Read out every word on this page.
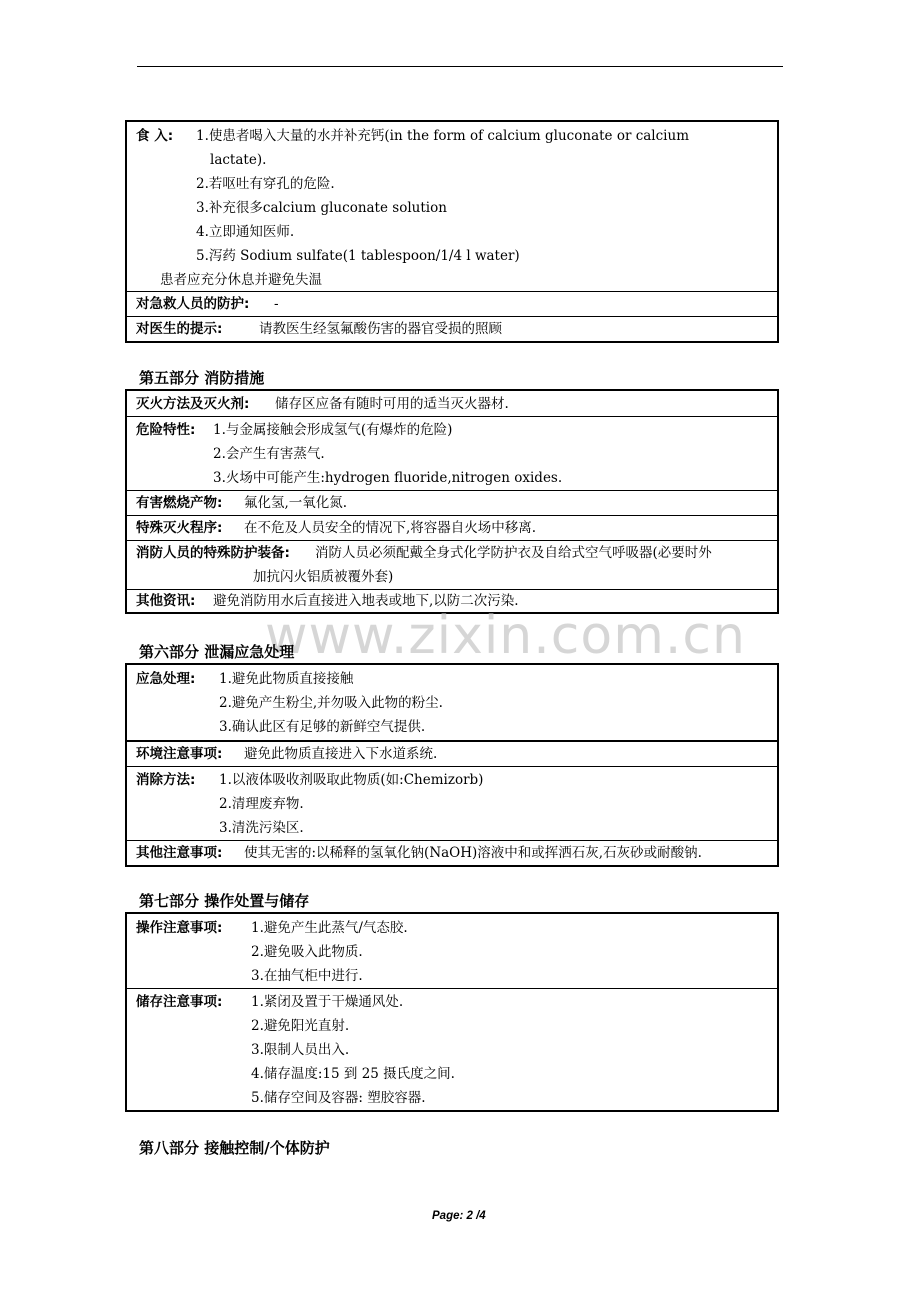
食 入: 1.使患者喝入大量的水并补充钙(in the form of calcium gluconate or calcium
lactate).
2.若呕吐有穿孔的危险.
3.补充很多calcium gluconate solution
4.立即通知医师.
5.泻药 Sodium sulfate(1 tablespoon/1/4 l water)
患者应充分休息并避免失温
对急救人员的防护: -
对医生的提示:	请教医生经氢氟酸伤害的器官受损的照顾
第五部分 消防措施
灭火方法及灭火剂: 储存区应备有随时可用的适当灭火器材.
危险特性: 1.与金属接触会形成氢气(有爆炸的危险)
2.会产生有害蒸气.
3.火场中可能产生:hydrogen fluoride,nitrogen oxides.
有害燃烧产物: 氟化氢,一氧化氮.
特殊灭火程序: 在不危及人员安全的情况下,将容器自火场中移离.
消防人员的特殊防护装备: 消防人员必须配戴全身式化学防护衣及自给式空气呼吸器(必要时外
加抗闪火铝质被覆外套)
其他资讯: 避免消防用水后直接进入地表或地下,以防二次污染.
www.zixin.com.cn
第六部分 泄漏应急处理
应急处理: 1.避免此物质直接接触
2.避免产生粉尘,并勿吸入此物的粉尘.
3.确认此区有足够的新鲜空气提供.
环境注意事项: 避免此物质直接进入下水道系统.
消除方法: 1.以液体吸收剂吸取此物质(如:Chemizorb)
2.清理废弃物.
3.清洗污染区.
其他注意事项: 使其无害的:以稀释的氢氧化钠(NaOH)溶液中和或挥洒石灰,石灰砂或耐酸钠.
第七部分 操作处置与储存
操作注意事项: 1.避免产生此蒸气/气态胶.
2.避免吸入此物质.
3.在抽气柜中进行.
储存注意事项: 1.紧闭及置于干燥通风处.
2.避免阳光直射.
3.限制人员出入.
4.储存温度:15 到 25 摄氏度之间.
5.储存空间及容器: 塑胶容器.
第八部分 接触控制/个体防护
Page: 2 /4
